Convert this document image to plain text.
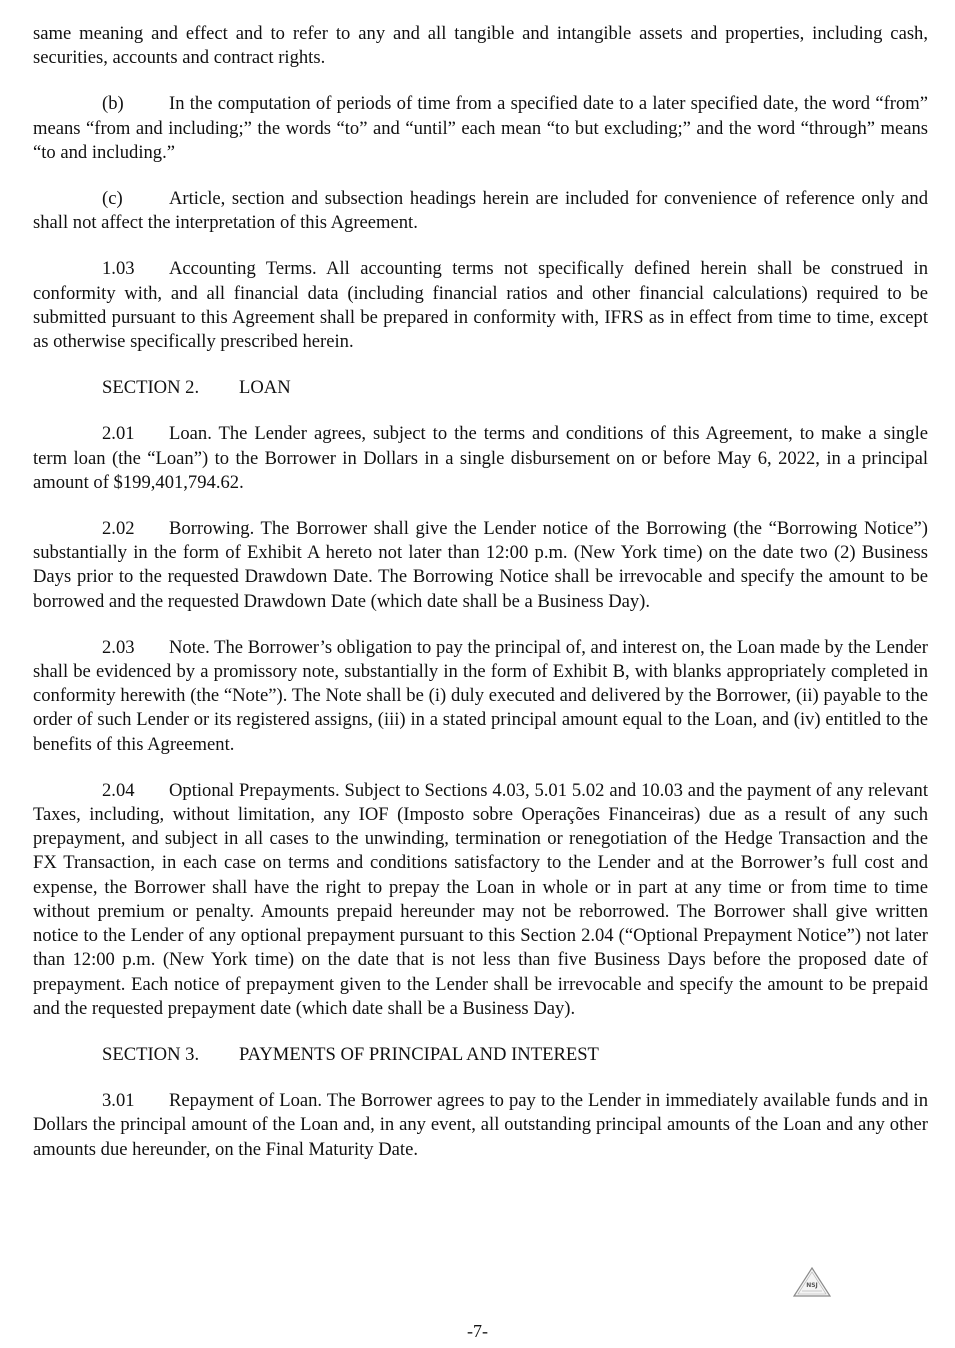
same meaning and effect and to refer to any and all tangible and intangible assets and properties, including cash, securities, accounts and contract rights.

(b) In the computation of periods of time from a specified date to a later specified date, the word “from” means “from and including;” the words “to” and “until” each mean “to but excluding;” and the word “through” means “to and including.”

(c) Article, section and subsection headings herein are included for convenience of reference only and shall not affect the interpretation of this Agreement.

1.03 Accounting Terms. All accounting terms not specifically defined herein shall be construed in conformity with, and all financial data (including financial ratios and other financial calculations) required to be submitted pursuant to this Agreement shall be prepared in conformity with, IFRS as in effect from time to time, except as otherwise specifically prescribed herein.

SECTION 2. LOAN

2.01 Loan. The Lender agrees, subject to the terms and conditions of this Agreement, to make a single term loan (the “Loan”) to the Borrower in Dollars in a single disbursement on or before May 6, 2022, in a principal amount of $199,401,794.62.

2.02 Borrowing. The Borrower shall give the Lender notice of the Borrowing (the “Borrowing Notice”) substantially in the form of Exhibit A hereto not later than 12:00 p.m. (New York time) on the date two (2) Business Days prior to the requested Drawdown Date. The Borrowing Notice shall be irrevocable and specify the amount to be borrowed and the requested Drawdown Date (which date shall be a Business Day).

2.03 Note. The Borrower’s obligation to pay the principal of, and interest on, the Loan made by the Lender shall be evidenced by a promissory note, substantially in the form of Exhibit B, with blanks appropriately completed in conformity herewith (the “Note”). The Note shall be (i) duly executed and delivered by the Borrower, (ii) payable to the order of such Lender or its registered assigns, (iii) in a stated principal amount equal to the Loan, and (iv) entitled to the benefits of this Agreement.

2.04 Optional Prepayments. Subject to Sections 4.03, 5.01 5.02 and 10.03 and the payment of any relevant Taxes, including, without limitation, any IOF (Imposto sobre Operações Financeiras) due as a result of any such prepayment, and subject in all cases to the unwinding, termination or renegotiation of the Hedge Transaction and the FX Transaction, in each case on terms and conditions satisfactory to the Lender and at the Borrower’s full cost and expense, the Borrower shall have the right to prepay the Loan in whole or in part at any time or from time to time without premium or penalty. Amounts prepaid hereunder may not be reborrowed. The Borrower shall give written notice to the Lender of any optional prepayment pursuant to this Section 2.04 (“Optional Prepayment Notice”) not later than 12:00 p.m. (New York time) on the date that is not less than five Business Days before the proposed date of prepayment. Each notice of prepayment given to the Lender shall be irrevocable and specify the amount to be prepaid and the requested prepayment date (which date shall be a Business Day).

SECTION 3. PAYMENTS OF PRINCIPAL AND INTEREST

3.01 Repayment of Loan. The Borrower agrees to pay to the Lender in immediately available funds and in Dollars the principal amount of the Loan and, in any event, all outstanding principal amounts of the Loan and any other amounts due hereunder, on the Final Maturity Date.

NSJ
-7-
